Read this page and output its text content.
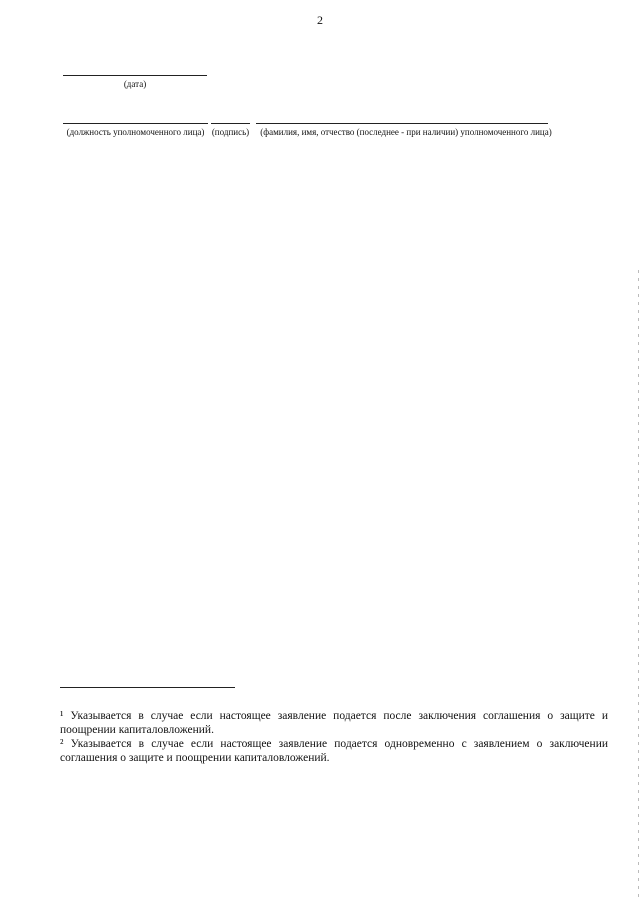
2
(дата)
(должность уполномоченного лица) (подпись)	(фамилия, имя, отчество (последнее - при наличии) уполномоченного лица)

¹ Указывается в случае если настоящее заявление подается после заключения соглашения о защите и поощрении капиталовложений.

² Указывается в случае если настоящее заявление подается одновременно с заявлением о заключении соглашения о защите и поощрении капиталовложений.
